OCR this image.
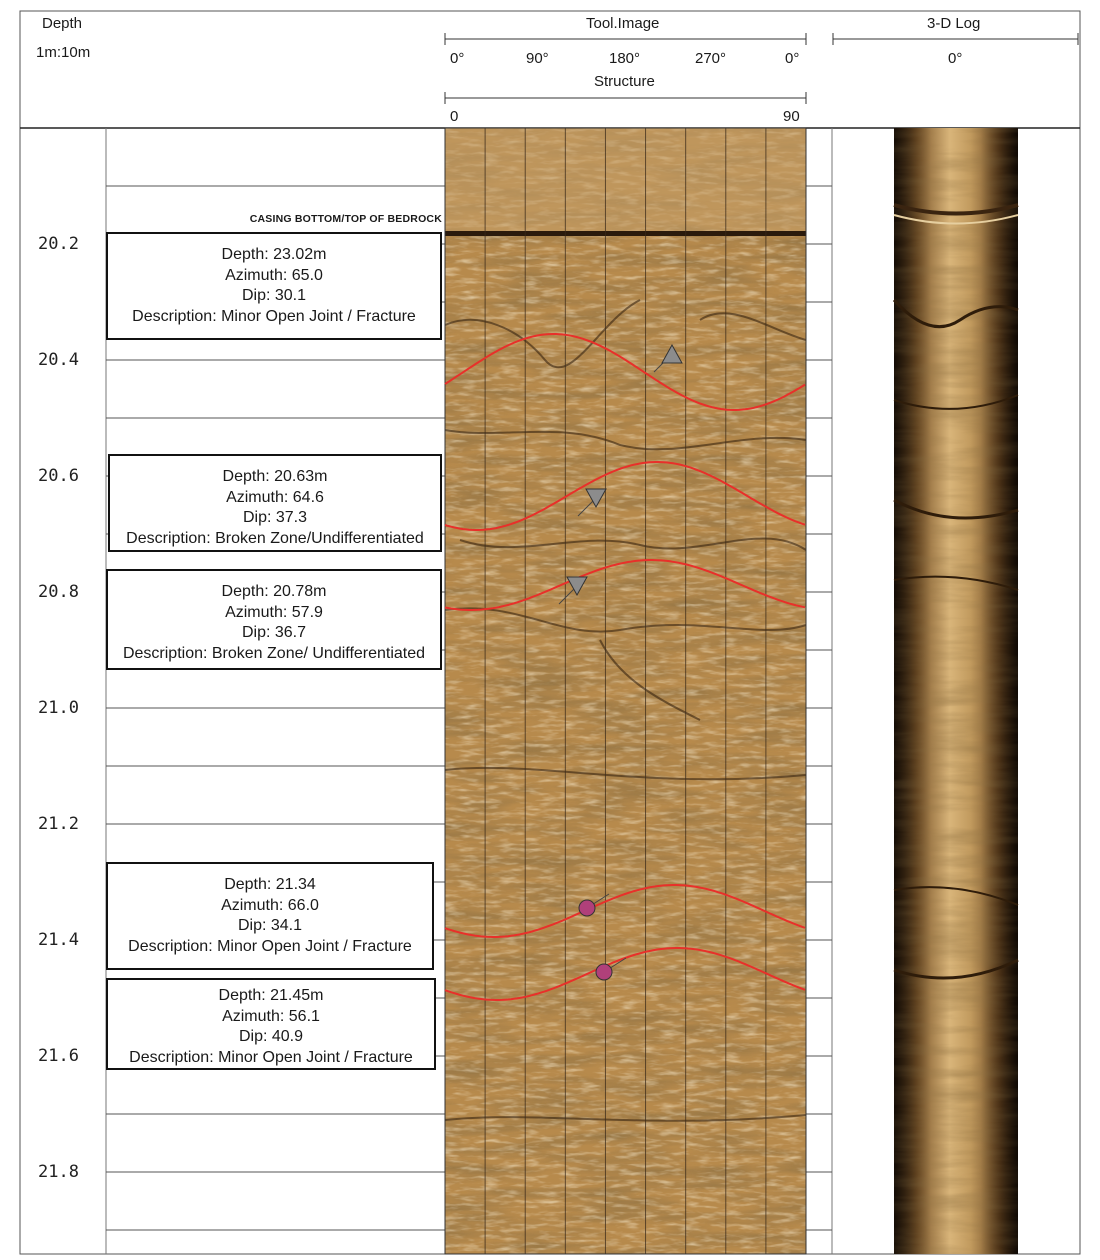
Depth
1m:10m
Tool.Image
0°	90°	180°	270°	0°
Structure
0	90
3-D Log
0°
20.2
20.4
20.6
20.8
21.0
21.2
21.4
21.6
21.8
CASING BOTTOM/TOP OF BEDROCK
Depth: 23.02m
Azimuth: 65.0
Dip: 30.1
Description: Minor Open Joint / Fracture
Depth: 20.63m
Azimuth: 64.6
Dip: 37.3
Description: Broken Zone/Undifferentiated
Depth: 20.78m
Azimuth: 57.9
Dip: 36.7
Description: Broken Zone/ Undifferentiated
Depth: 21.34
Azimuth: 66.0
Dip: 34.1
Description: Minor Open Joint / Fracture
Depth: 21.45m
Azimuth: 56.1
Dip: 40.9
Description: Minor Open Joint / Fracture
